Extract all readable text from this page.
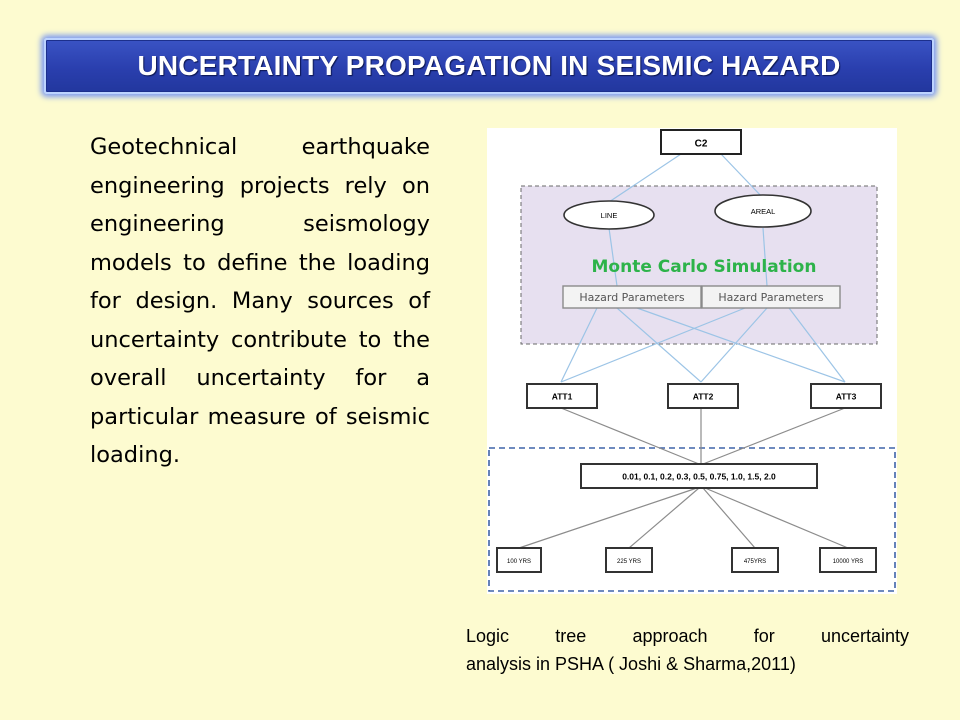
UNCERTAINTY PROPAGATION IN SEISMIC HAZARD

Geotechnical earthquake engineering projects rely on engineering seismology models to define the loading for design. Many sources of uncertainty contribute to the overall uncertainty for a particular measure of seismic loading.

C2
LINE	AREAL
Monte Carlo Simulation
Hazard Parameters	Hazard Parameters
ATT1	ATT2	ATT3
0.01, 0.1, 0.2, 0.3, 0.5, 0.75, 1.0, 1.5, 2.0
100 YRS	225 YRS	475YRS	10000 YRS

Logic tree approach for uncertainty
analysis in PSHA ( Joshi & Sharma,2011)
